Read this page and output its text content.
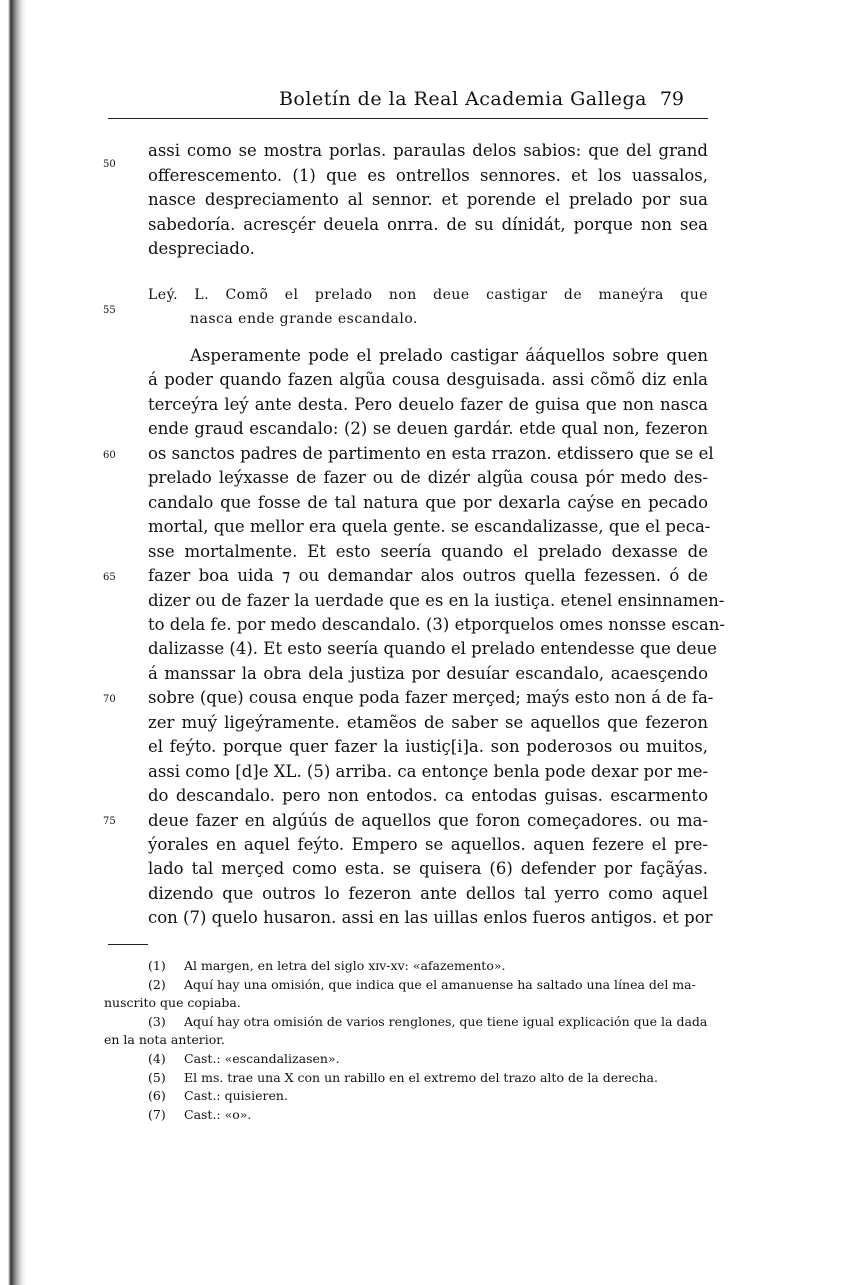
Boletín de la Real Academia Gallega 79
assi como se mostra porlas. paraulas delos sabios: que del grand
offerescemento. (1) que es ontrellos sennores. et los uassalos,
nasce despreciamento al sennor. et porende el prelado por sua
sabedoría. acresçér deuela onrra. de su dínidát, porque non sea
despreciado.
Asperamente pode el prelado castigar ááquellos sobre quen
á poder quando fazen algũa cousa desguisada. assi cõmõ diz enla
terceýra leý ante desta. Pero deuelo fazer de guisa que non nasca
ende graud escandalo: (2) se deuen gardár. etde qual non, fezeron
os sanctos padres de partimento en esta rrazon. etdissero que se el
prelado leýxasse de fazer ou de dizér algũa cousa pór medo des-
candalo que fosse de tal natura que por dexarla caýse en pecado
mortal, que mellor era quela gente. se escandalizasse, que el peca-
sse mortalmente. Et esto seería quando el prelado dexasse de
fazer boa uida ⁊ ou demandar alos outros quella fezessen. ó de
dizer ou de fazer la uerdade que es en la iustiça. etenel ensinnamen-
to dela fe. por medo descandalo. (3) etporquelos omes nonsse escan-
dalizasse (4). Et esto seería quando el prelado entendesse que deue
á manssar la obra dela justiza por desuíar escandalo, acaesçendo
sobre (que) cousa enque poda fazer merçed; maýs esto non á de fa-
zer muý ligeýramente. etamẽos de saber se aquellos que fezeron
el feýto. porque quer fazer la iustiç[i]a. son poderoзos ou muitos,
assi como [d]e XL. (5) arriba. ca entonçe benla pode dexar por me-
do descandalo. pero non entodos. ca entodas guisas. escarmento
deue fazer en algúús de aquellos que foron começadores. ou ma-
ýorales en aquel feýto. Empero se aquellos. aquen fezere el pre-
lado tal merçed como esta. se quisera (6) defender por façãýas.
dizendo que outros lo fezeron ante dellos tal yerro como aquel
con (7) quelo husaron. assi en las uillas enlos fueros antigos. et por
Leý. L. Comõ el prelado non deue castigar de maneýra que
nasca ende grande escandalo.
50
55
60
65
70
75
(1) Al margen, en letra del siglo xɪv-xv: «afazemento».
(2) Aquí hay una omisión, que indica que el amanuense ha saltado una línea del ma-
nuscrito que copiaba.
(3) Aquí hay otra omisión de varios renglones, que tiene igual explicación que la dada
en la nota anterior.
(4) Cast.: «escandalizasen».
(5) El ms. trae una X con un rabillo en el extremo del trazo alto de la derecha.
(6) Cast.: quisieren.
(7) Cast.: «o».
